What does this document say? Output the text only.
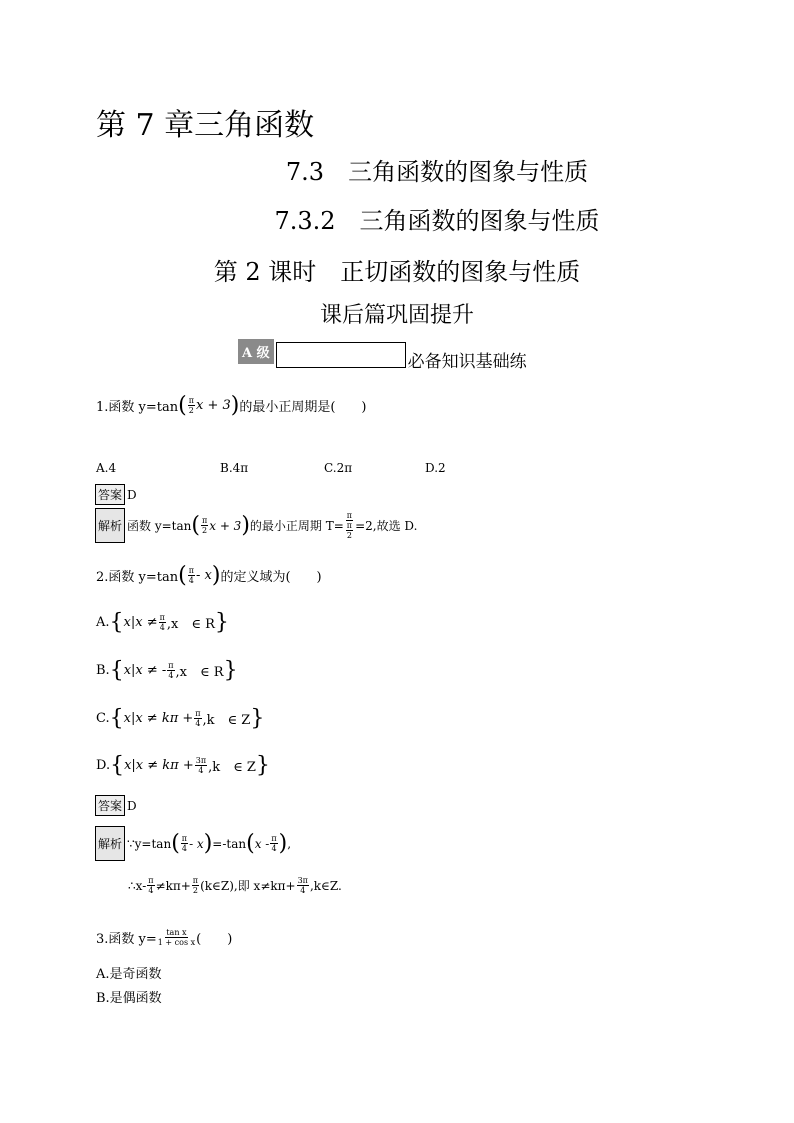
第 7 章三角函数
7.3　三角函数的图象与性质
7.3.2　三角函数的图象与性质
第 2 课时　正切函数的图象与性质
课后篇巩固提升
A 级	必备知识基础练
1.函数 y=tan ( $\frac{\pi}{2}$ x + 3 ) 的最小正周期是(　　)
A.4	B.4π	C.2π	D.2
答案 D
解析 函数 y=tan ( $\frac{\pi}{2}$ x + 3 ) 的最小正周期 $T= \frac{\pi}{\frac{\pi}{2}} =2$,故选 D.
2.函数 y=tan ( $\frac{\pi}{4}$ - x ) 的定义域为(　　)
A. { $x|x \ne \frac{\pi}{4} ,x$　∈ R }
B. { x|x ≠ - $\frac{\pi}{4} ,x$　∈ R }
C. { $x|x \ne k\pi + \frac{\pi}{4} ,k$　∈ Z }
D. { $x|x \ne k\pi + \frac{3\pi}{4} ,k$　∈ Z }
答案 D
解析 ∵y=tan ( $\frac{\pi}{4}$ - x ) =-tan ( x - $\frac{\pi}{4}$ ) ,
∴x- $\frac{\pi}{4} \ne k\pi+ \frac{\pi}{2}$ (k∈Z),即 $x\ne k\pi+ \frac{3\pi}{4}$ ,k∈Z.
3.函数 $y= \frac{\text{tan x}}{\text{1 + cos x}}$ (　　)
A.是奇函数
B.是偶函数
